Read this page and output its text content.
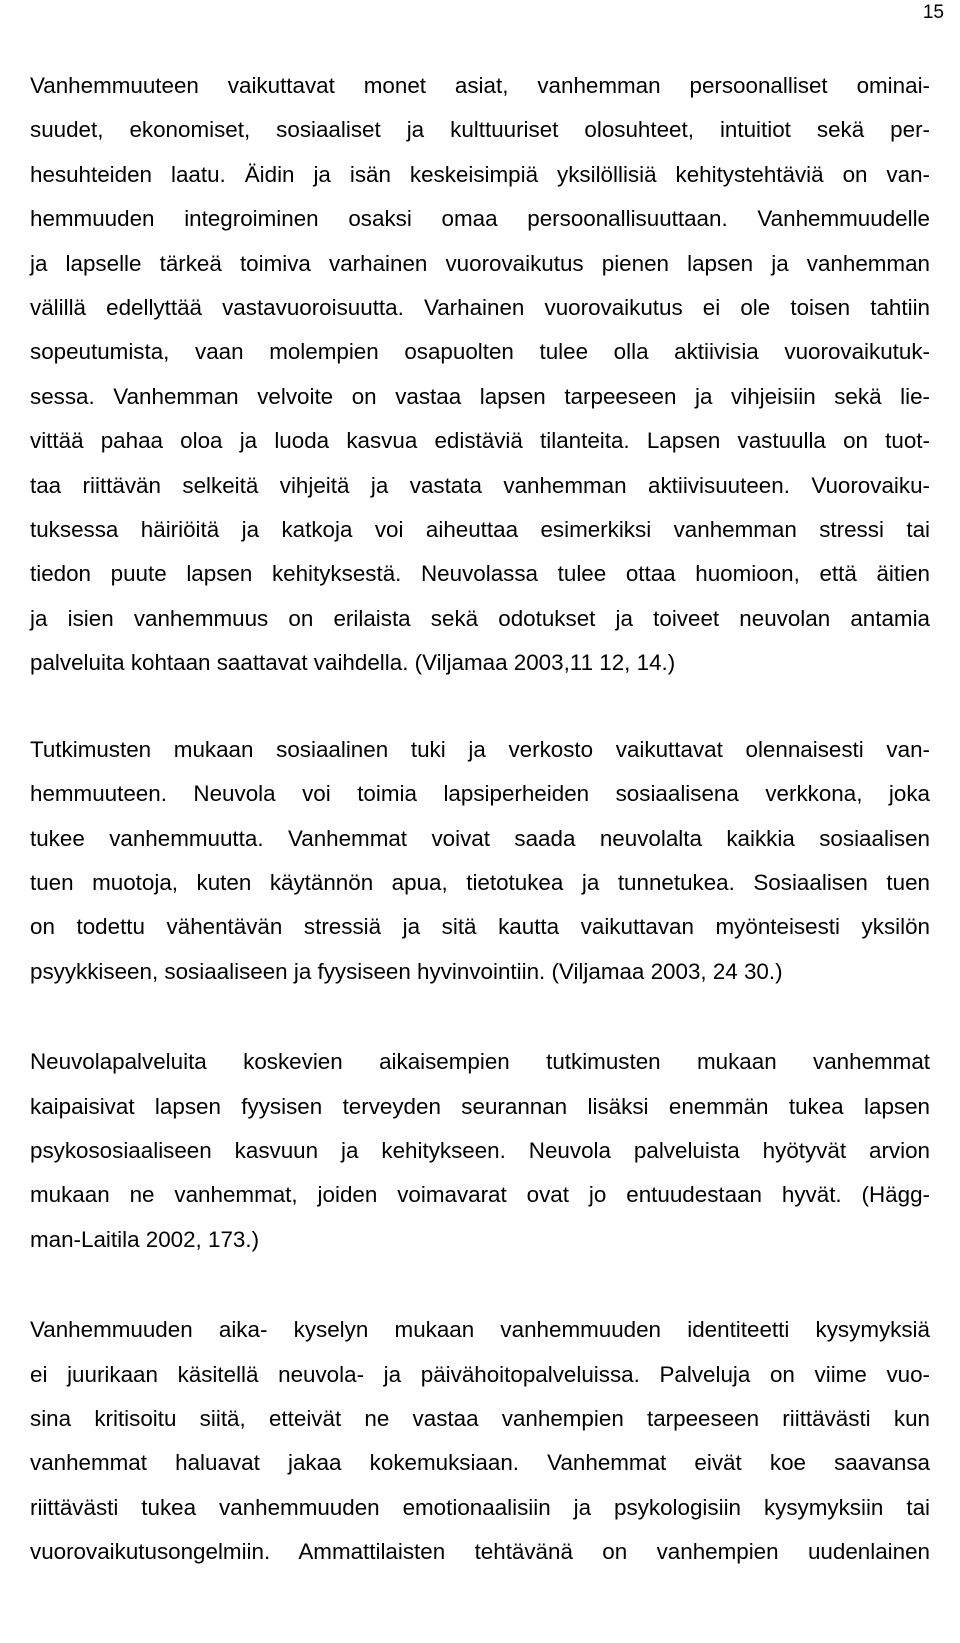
15

Vanhemmuuteen vaikuttavat monet asiat, vanhemman persoonalliset ominai-
suudet, ekonomiset, sosiaaliset ja kulttuuriset olosuhteet, intuitiot sekä per-
hesuhteiden laatu. Äidin ja isän keskeisimpiä yksilöllisiä kehitystehtäviä on van-
hemmuuden integroiminen osaksi omaa persoonallisuuttaan. Vanhemmuudelle
ja lapselle tärkeä toimiva varhainen vuorovaikutus pienen lapsen ja vanhemman
välillä edellyttää vastavuoroisuutta. Varhainen vuorovaikutus ei ole toisen tahtiin
sopeutumista, vaan molempien osapuolten tulee olla aktiivisia vuorovaikutuk-
sessa. Vanhemman velvoite on vastaa lapsen tarpeeseen ja vihjeisiin sekä lie-
vittää pahaa oloa ja luoda kasvua edistäviä tilanteita. Lapsen vastuulla on tuot-
taa riittävän selkeitä vihjeitä ja vastata vanhemman aktiivisuuteen. Vuorovaiku-
tuksessa häiriöitä ja katkoja voi aiheuttaa esimerkiksi vanhemman stressi tai
tiedon puute lapsen kehityksestä. Neuvolassa tulee ottaa huomioon, että äitien
ja isien vanhemmuus on erilaista sekä odotukset ja toiveet neuvolan antamia
palveluita kohtaan saattavat vaihdella. (Viljamaa 2003,11 12, 14.)

Tutkimusten mukaan sosiaalinen tuki ja verkosto vaikuttavat olennaisesti van-
hemmuuteen. Neuvola voi toimia lapsiperheiden sosiaalisena verkkona, joka
tukee vanhemmuutta. Vanhemmat voivat saada neuvolalta kaikkia sosiaalisen
tuen muotoja, kuten käytännön apua, tietotukea ja tunnetukea. Sosiaalisen tuen
on todettu vähentävän stressiä ja sitä kautta vaikuttavan myönteisesti yksilön
psyykkiseen, sosiaaliseen ja fyysiseen hyvinvointiin. (Viljamaa 2003, 24 30.)

Neuvolapalveluita koskevien aikaisempien tutkimusten mukaan vanhemmat
kaipaisivat lapsen fyysisen terveyden seurannan lisäksi enemmän tukea lapsen
psykososiaaliseen kasvuun ja kehitykseen. Neuvola palveluista hyötyvät arvion
mukaan ne vanhemmat, joiden voimavarat ovat jo entuudestaan hyvät. (Hägg-
man-Laitila 2002, 173.)

Vanhemmuuden aika- kyselyn mukaan vanhemmuuden identiteetti kysymyksiä
ei juurikaan käsitellä neuvola- ja päivähoitopalveluissa. Palveluja on viime vuo-
sina kritisoitu siitä, etteivät ne vastaa vanhempien tarpeeseen riittävästi kun
vanhemmat haluavat jakaa kokemuksiaan. Vanhemmat eivät koe saavansa
riittävästi tukea vanhemmuuden emotionaalisiin ja psykologisiin kysymyksiin tai
vuorovaikutusongelmiin. Ammattilaisten tehtävänä on vanhempien uudenlainen
